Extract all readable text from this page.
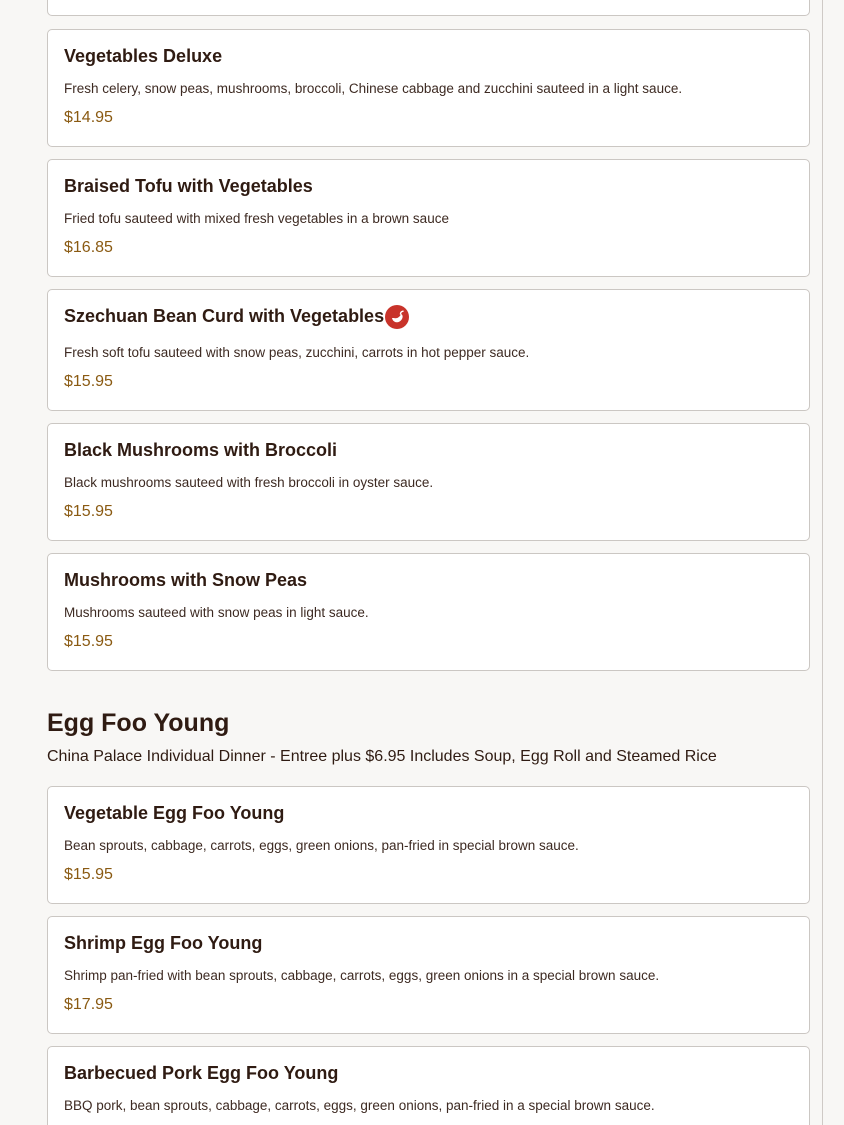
Vegetables Deluxe
Fresh celery, snow peas, mushrooms, broccoli, Chinese cabbage and zucchini sauteed in a light sauce.
$14.95
Braised Tofu with Vegetables
Fried tofu sauteed with mixed fresh vegetables in a brown sauce
$16.85
Szechuan Bean Curd with Vegetables
Fresh soft tofu sauteed with snow peas, zucchini, carrots in hot pepper sauce.
$15.95
Black Mushrooms with Broccoli
Black mushrooms sauteed with fresh broccoli in oyster sauce.
$15.95
Mushrooms with Snow Peas
Mushrooms sauteed with snow peas in light sauce.
$15.95
Egg Foo Young
China Palace Individual Dinner - Entree plus $6.95 Includes Soup, Egg Roll and Steamed Rice
Vegetable Egg Foo Young
Bean sprouts, cabbage, carrots, eggs, green onions, pan-fried in special brown sauce.
$15.95
Shrimp Egg Foo Young
Shrimp pan-fried with bean sprouts, cabbage, carrots, eggs, green onions in a special brown sauce.
$17.95
Barbecued Pork Egg Foo Young
BBQ pork, bean sprouts, cabbage, carrots, eggs, green onions, pan-fried in a special brown sauce.
